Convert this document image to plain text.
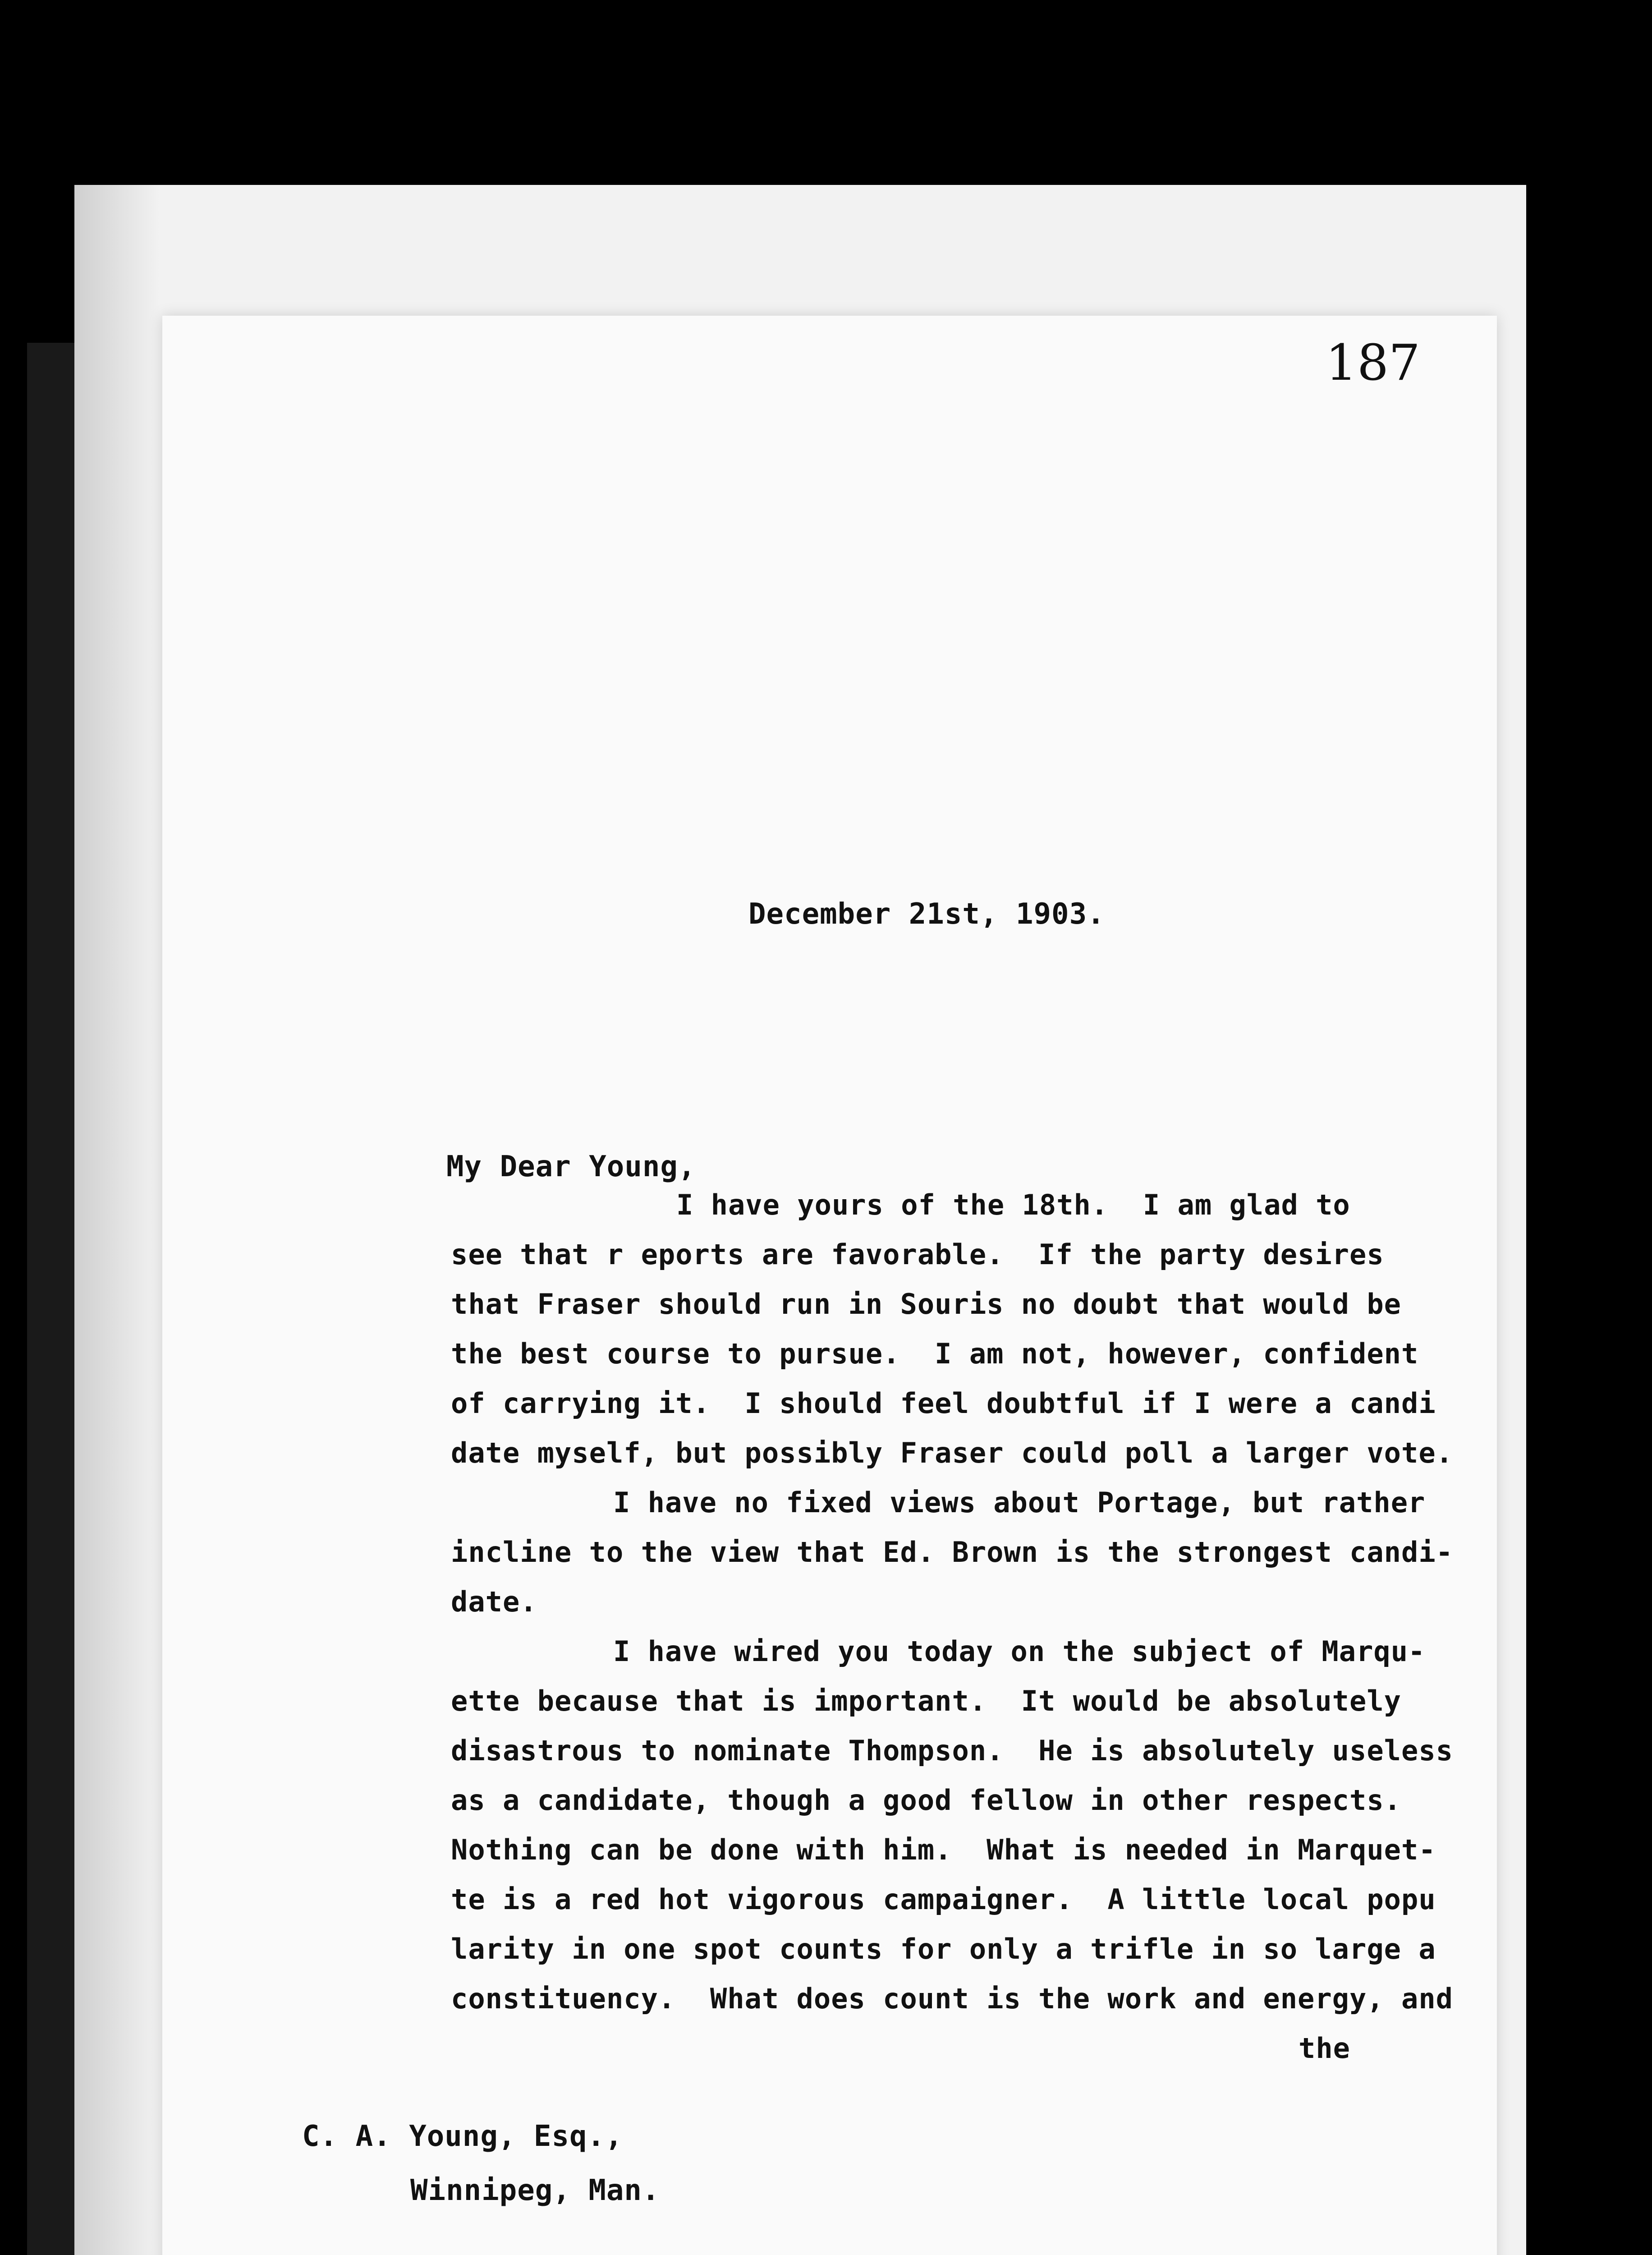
187
December 21st, 1903.
My Dear Young,
I have yours of the 18th.  I am glad to
see that r eports are favorable.  If the party desires
that Fraser should run in Souris no doubt that would be
the best course to pursue.  I am not, however, confident
of carrying it.  I should feel doubtful if I were a candi
date myself, but possibly Fraser could poll a larger vote.
I have no fixed views about Portage, but rather
incline to the view that Ed. Brown is the strongest candi-
date.
I have wired you today on the subject of Marqu-
ette because that is important.  It would be absolutely
disastrous to nominate Thompson.  He is absolutely useless
as a candidate, though a good fellow in other respects.
Nothing can be done with him.  What is needed in Marquet-
te is a red hot vigorous campaigner.  A little local popu
larity in one spot counts for only a trifle in so large a
constituency.  What does count is the work and energy, and
the
C. A. Young, Esq.,
Winnipeg, Man.
